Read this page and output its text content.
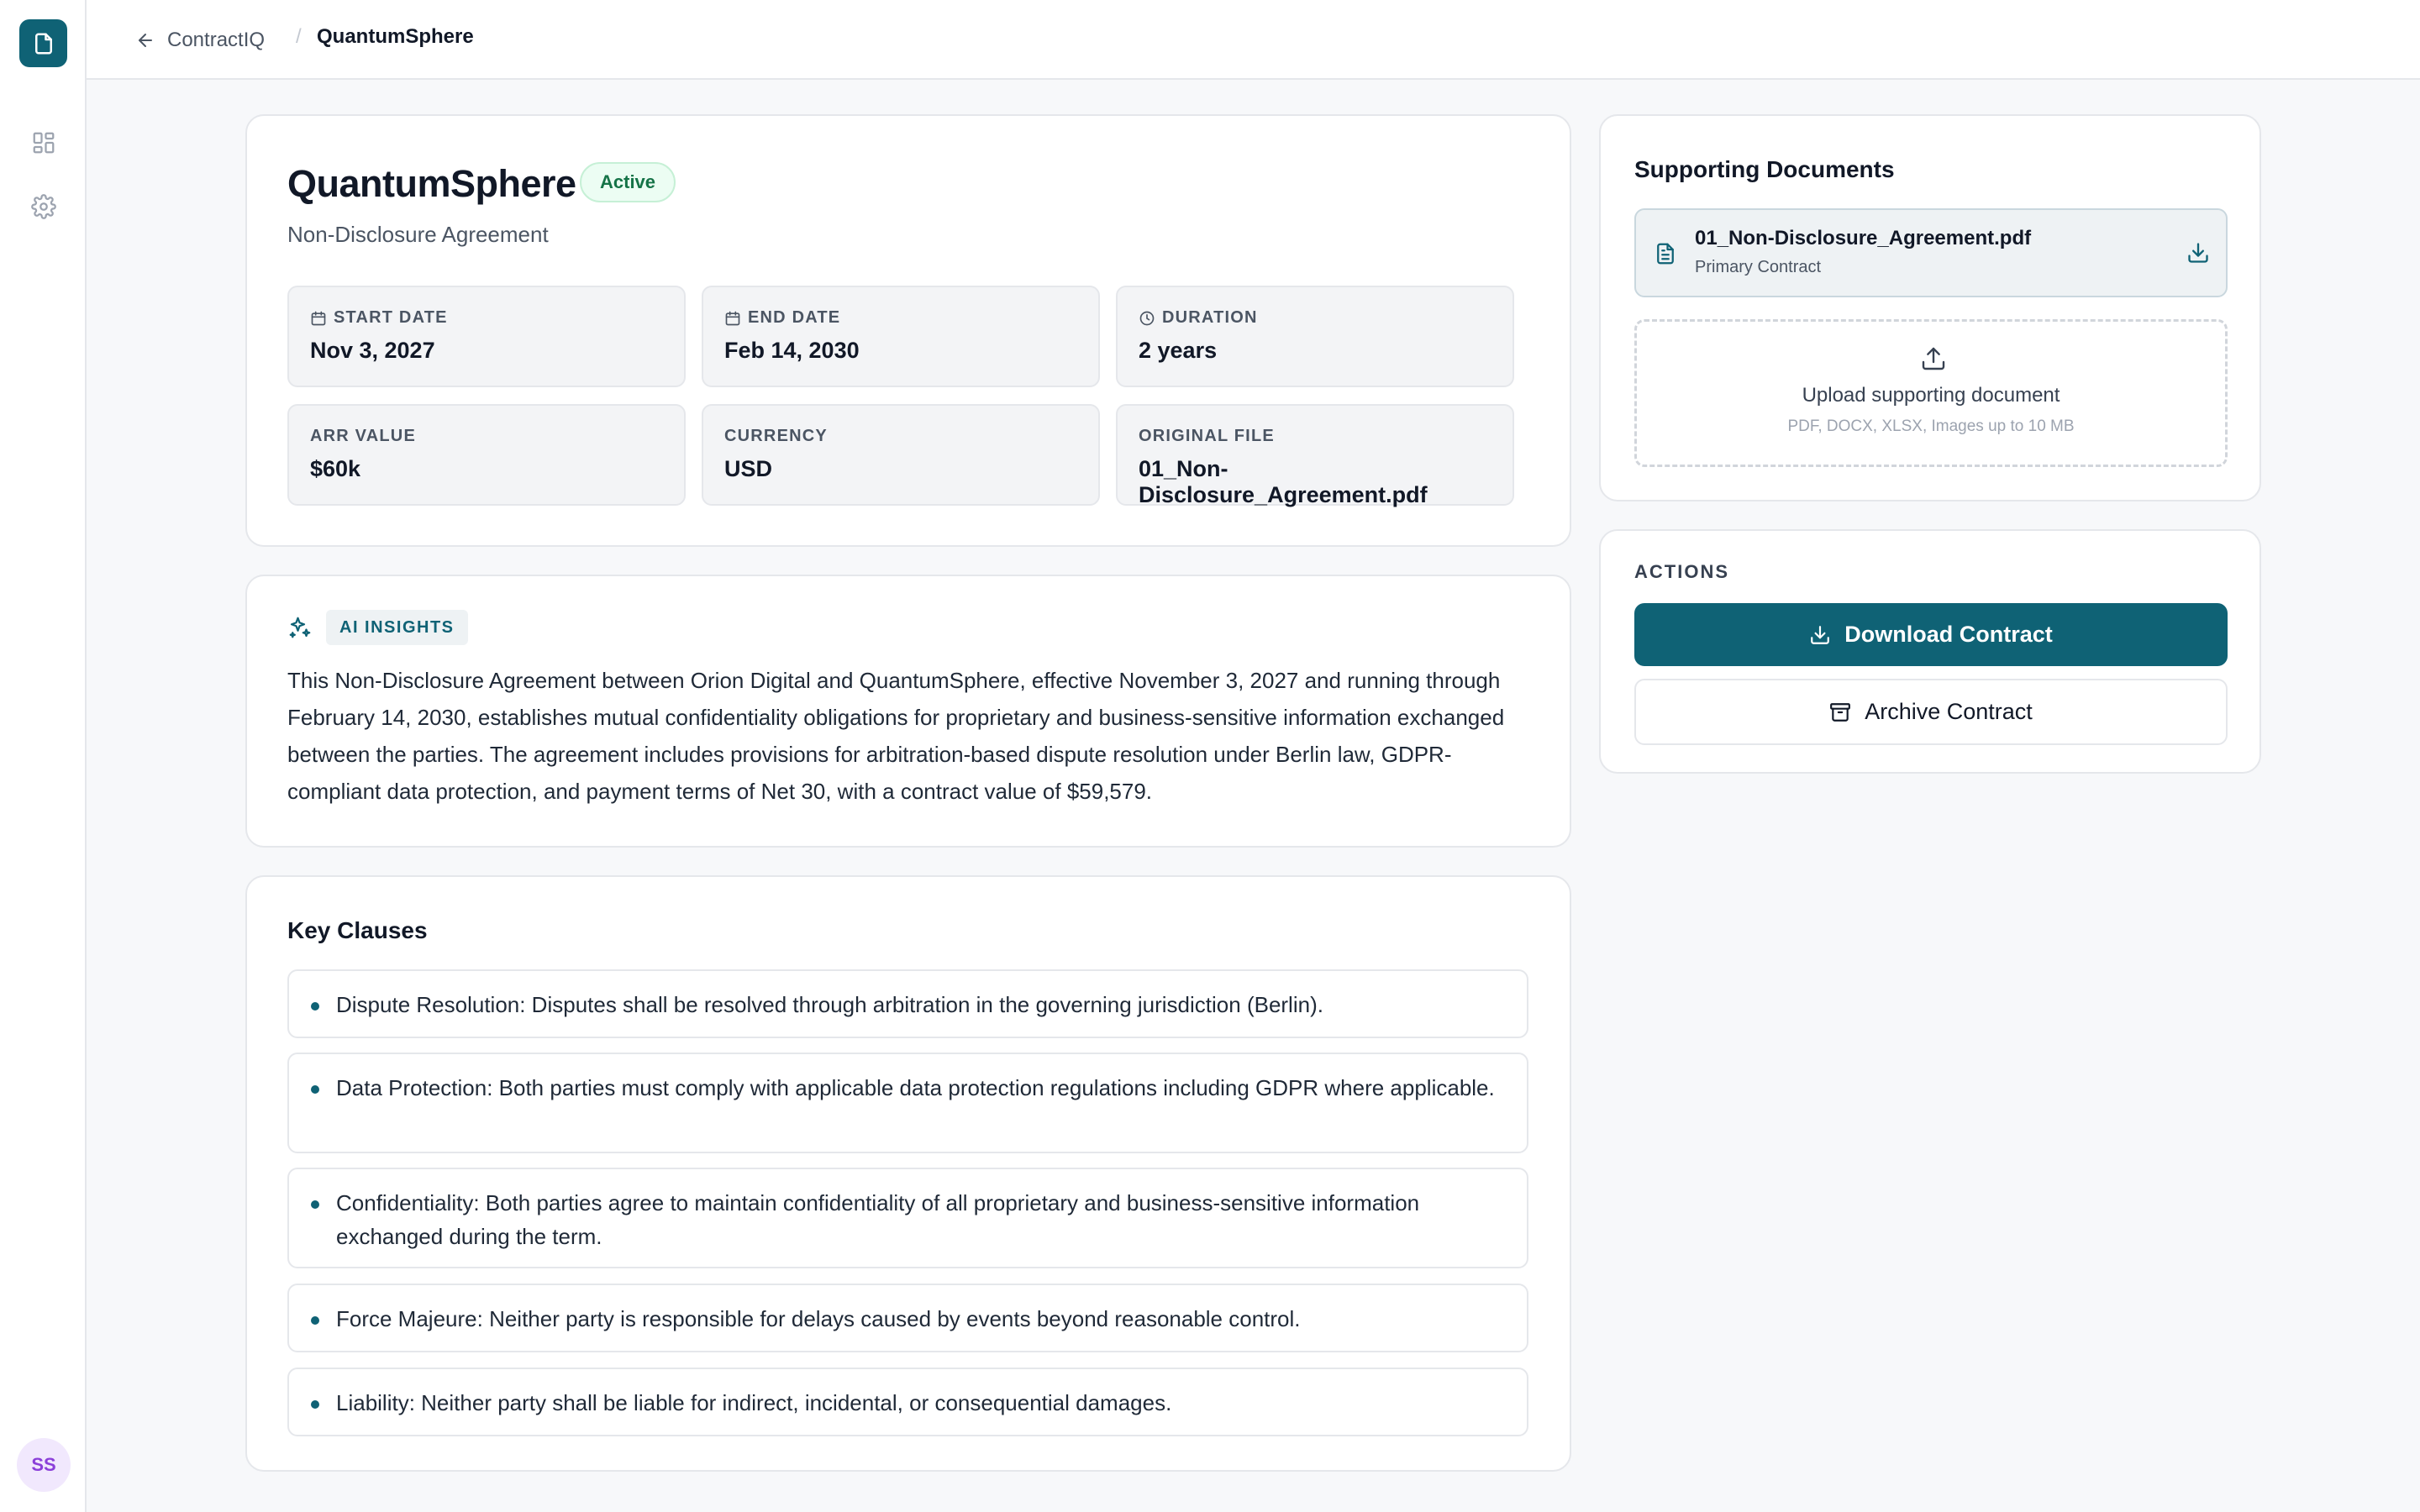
SS
ContractIQ / QuantumSphere
QuantumSphere	Active
Non-Disclosure Agreement
START DATE
Nov 3, 2027
END DATE
Feb 14, 2030
DURATION
2 years
ARR VALUE
$60k
CURRENCY
USD
ORIGINAL FILE
01_Non-Disclosure_Agreement.pdf
AI INSIGHTS

This Non-Disclosure Agreement between Orion Digital and QuantumSphere, effective November 3, 2027 and running through February 14, 2030, establishes mutual confidentiality obligations for proprietary and business-sensitive information exchanged between the parties. The agreement includes provisions for arbitration-based dispute resolution under Berlin law, GDPR-compliant data protection, and payment terms of Net 30, with a contract value of $59,579.

Key Clauses
Dispute Resolution: Disputes shall be resolved through arbitration in the governing jurisdiction (Berlin).
Data Protection: Both parties must comply with applicable data protection regulations including GDPR where applicable.
Confidentiality: Both parties agree to maintain confidentiality of all proprietary and business-sensitive information exchanged during the term.
Force Majeure: Neither party is responsible for delays caused by events beyond reasonable control.
Liability: Neither party shall be liable for indirect, incidental, or consequential damages.
Supporting Documents
01_Non-Disclosure_Agreement.pdf
Primary Contract
Upload supporting document
PDF, DOCX, XLSX, Images up to 10 MB
ACTIONS
Download Contract
Archive Contract
